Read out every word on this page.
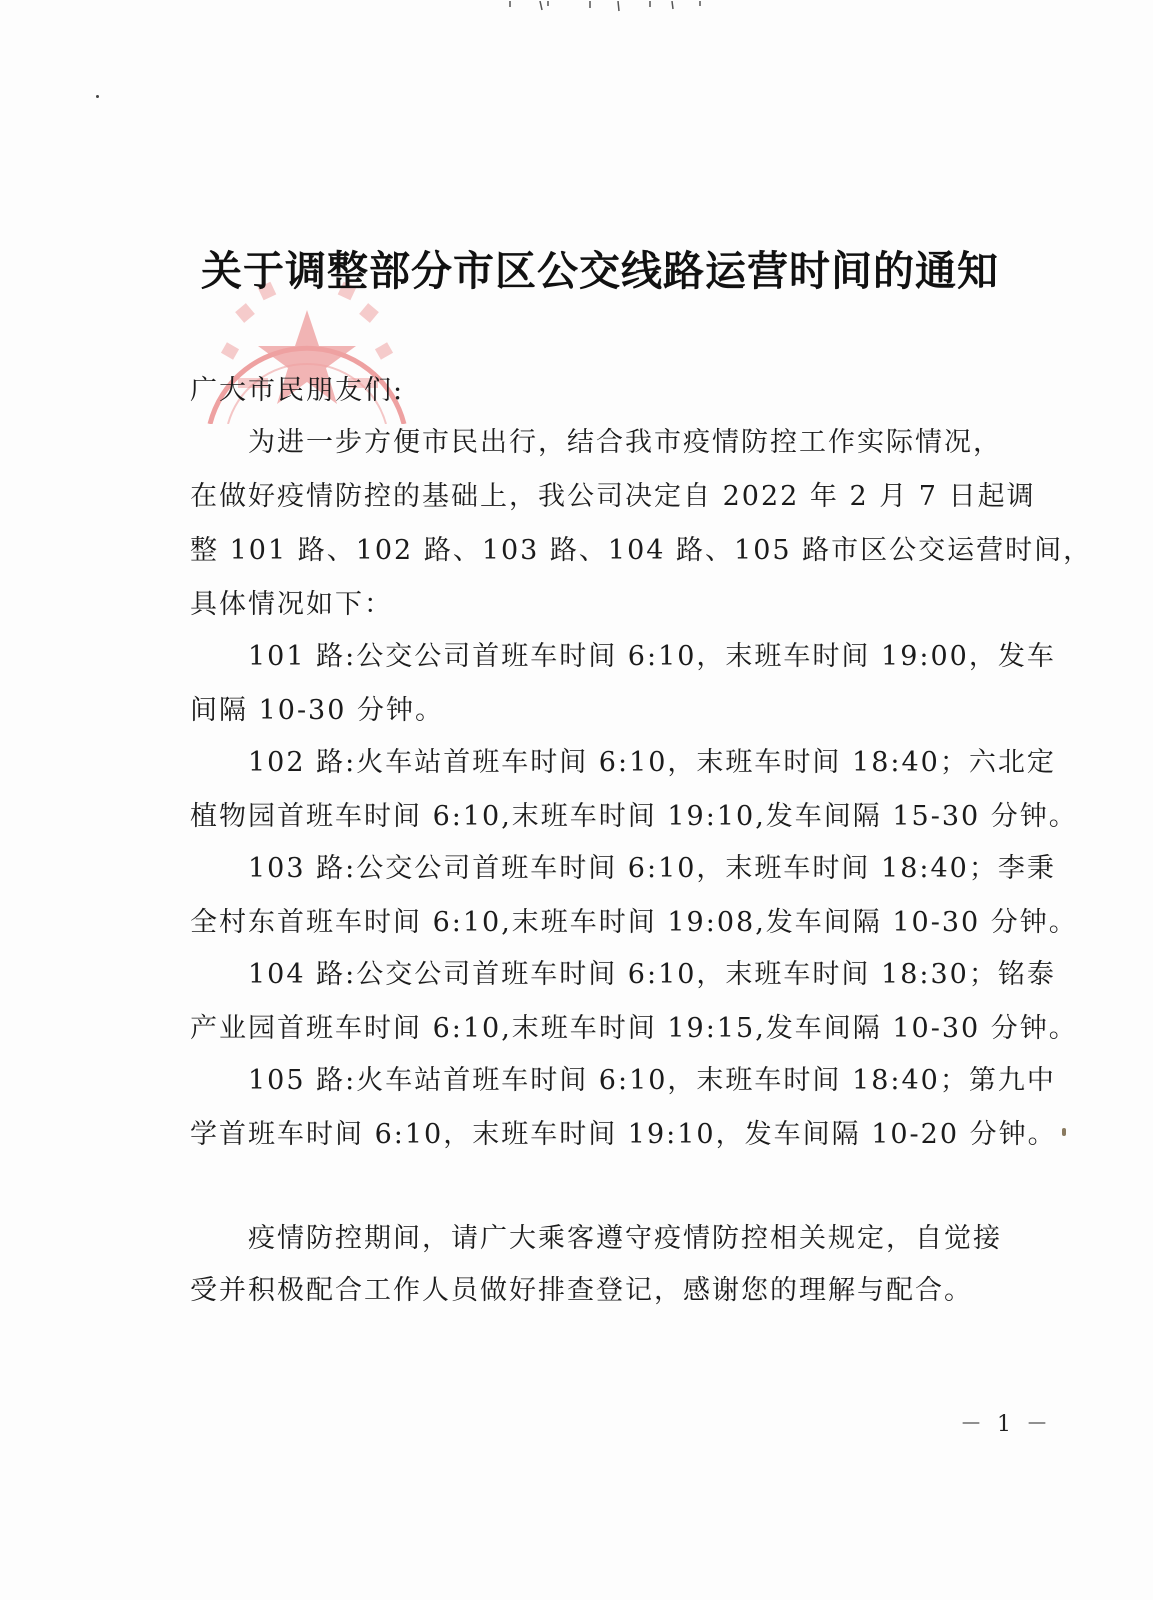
关于调整部分市区公交线路运营时间的通知

广大市民朋友们:

为进一步方便市民出行，结合我市疫情防控工作实际情况，

在做好疫情防控的基础上，我公司决定自 2022 年 2 月 7 日起调

整 101 路、102 路、103 路、104 路、105 路市区公交运营时间，

具体情况如下：

101 路:公交公司首班车时间 6:10，末班车时间 19:00，发车

间隔 10-30 分钟。

102 路:火车站首班车时间 6:10，末班车时间 18:40；六北定

植物园首班车时间 6:10,末班车时间 19:10,发车间隔 15-30 分钟。

103 路:公交公司首班车时间 6:10，末班车时间 18:40；李秉

全村东首班车时间 6:10,末班车时间 19:08,发车间隔 10-30 分钟。

104 路:公交公司首班车时间 6:10，末班车时间 18:30；铭泰

产业园首班车时间 6:10,末班车时间 19:15,发车间隔 10-30 分钟。

105 路:火车站首班车时间 6:10，末班车时间 18:40；第九中

学首班车时间 6:10，末班车时间 19:10，发车间隔 10-20 分钟。

疫情防控期间，请广大乘客遵守疫情防控相关规定，自觉接

受并积极配合工作人员做好排查登记，感谢您的理解与配合。

－ 1 －
